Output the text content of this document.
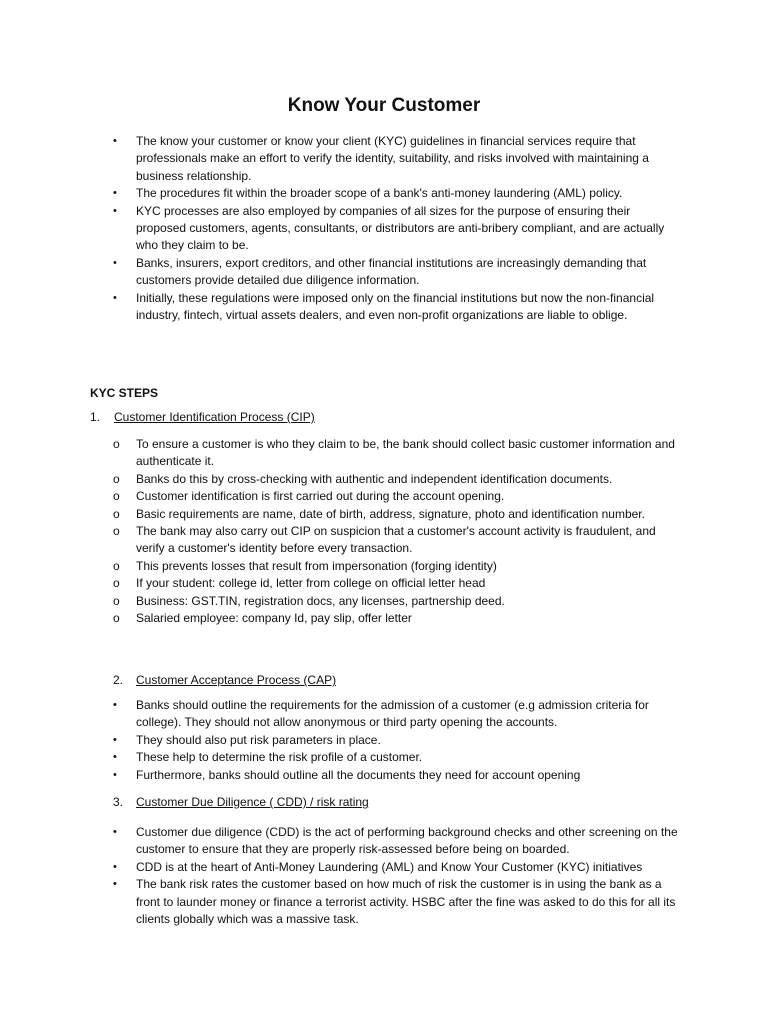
Know Your Customer
•	The know your customer or know your client (KYC) guidelines in financial services require that professionals make an effort to verify the identity, suitability, and risks involved with maintaining a business relationship.
•	The procedures fit within the broader scope of a bank's anti-money laundering (AML) policy.
•	KYC processes are also employed by companies of all sizes for the purpose of ensuring their proposed customers, agents, consultants, or distributors are anti-bribery compliant, and are actually who they claim to be.
•	Banks, insurers, export creditors, and other financial institutions are increasingly demanding that customers provide detailed due diligence information.
•	Initially, these regulations were imposed only on the financial institutions but now the non-financial industry, fintech, virtual assets dealers, and even non-profit organizations are liable to oblige.
KYC STEPS
1. Customer Identification Process (CIP)
o	To ensure a customer is who they claim to be, the bank should collect basic customer information and authenticate it.
o	Banks do this by cross-checking with authentic and independent identification documents.
o	Customer identification is first carried out during the account opening.
o	Basic requirements are name, date of birth, address, signature, photo and identification number.
o	The bank may also carry out CIP on suspicion that a customer's account activity is fraudulent, and verify a customer's identity before every transaction.
o	This prevents losses that result from impersonation (forging identity)
o	If your student: college id, letter from college on official letter head
o	Business: GST.TIN, registration docs, any licenses, partnership deed.
o	Salaried employee: company Id, pay slip, offer letter
2. Customer Acceptance Process (CAP)
•	Banks should outline the requirements for the admission of a customer (e.g admission criteria for college). They should not allow anonymous or third party opening the accounts.
•	They should also put risk parameters in place.
•	These help to determine the risk profile of a customer.
•	Furthermore, banks should outline all the documents they need for account opening
3. Customer Due Diligence ( CDD) / risk rating
•	Customer due diligence (CDD) is the act of performing background checks and other screening on the customer to ensure that they are properly risk-assessed before being on boarded.
•	CDD is at the heart of Anti-Money Laundering (AML) and Know Your Customer (KYC) initiatives
•	The bank risk rates the customer based on how much of risk the customer is in using the bank as a front to launder money or finance a terrorist activity. HSBC after the fine was asked to do this for all its clients globally which was a massive task.
